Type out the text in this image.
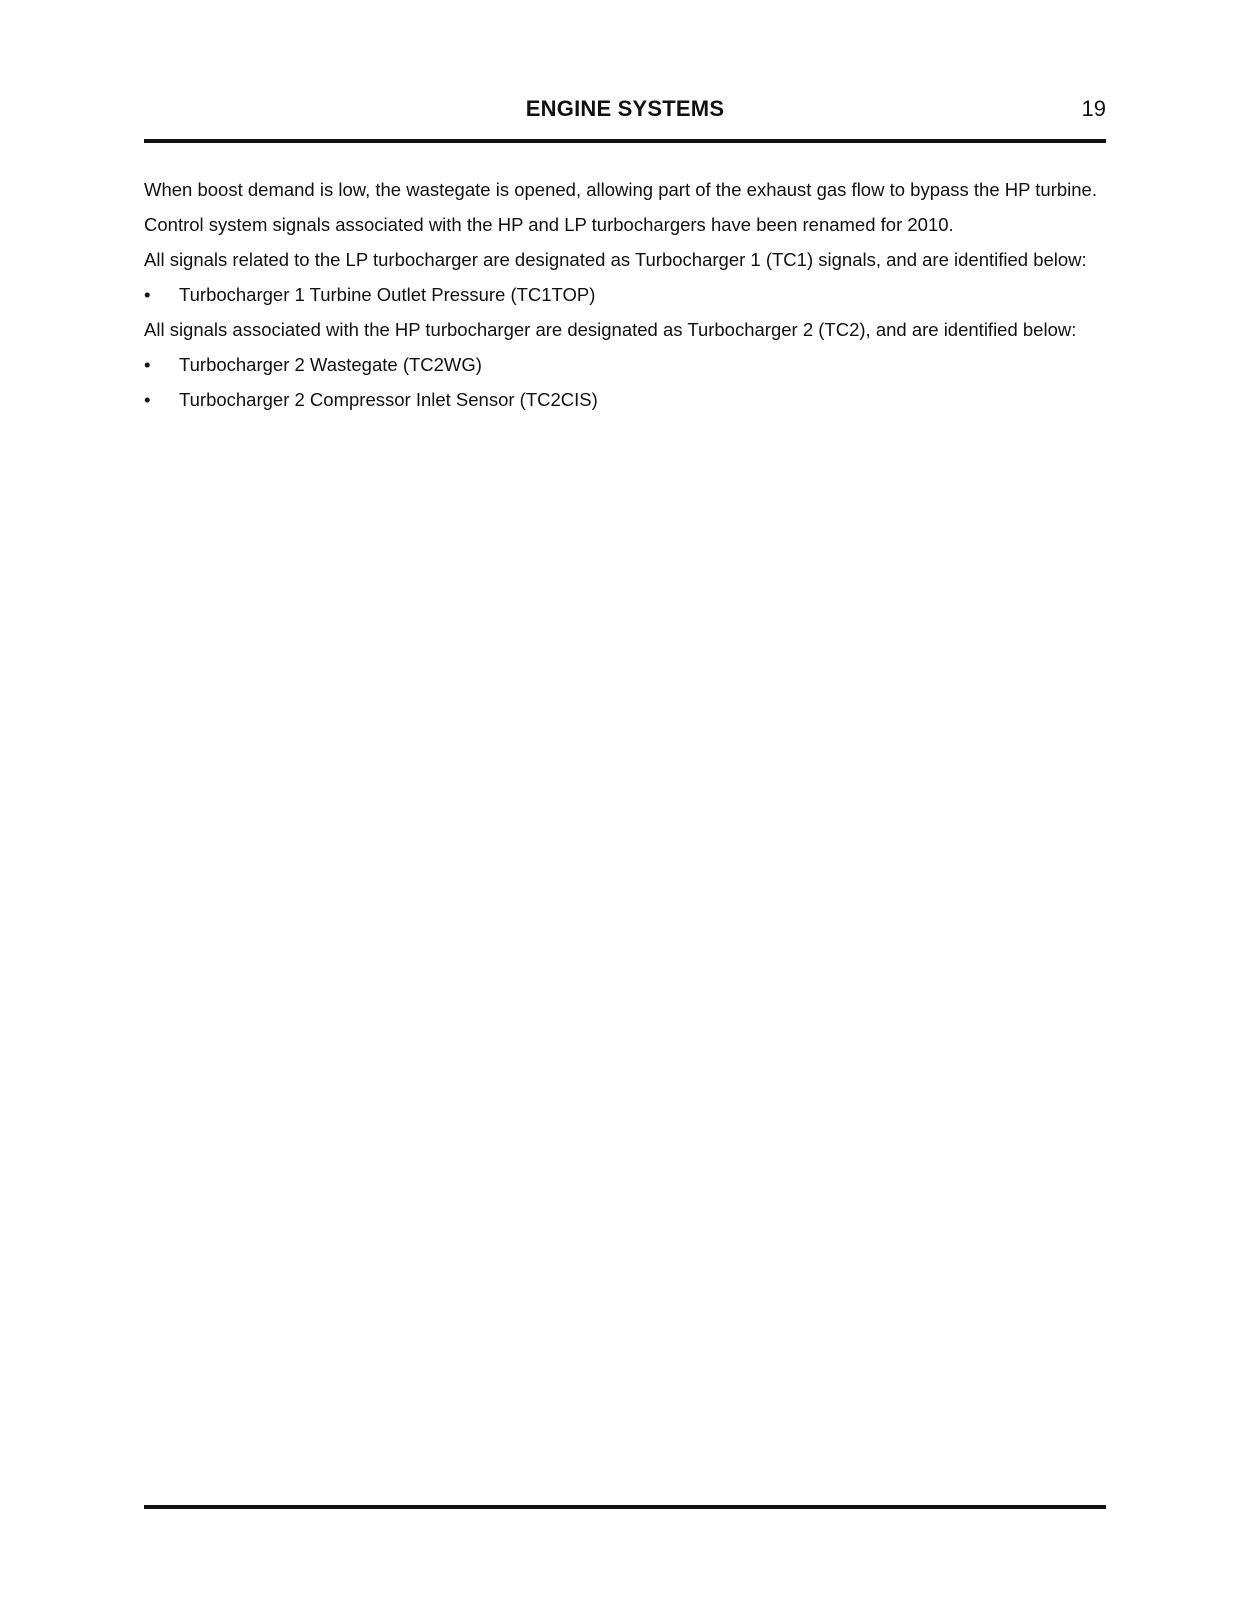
ENGINE SYSTEMS	19

When boost demand is low, the wastegate is opened, allowing part of the exhaust gas flow to bypass the HP turbine.

Control system signals associated with the HP and LP turbochargers have been renamed for 2010.

All signals related to the LP turbocharger are designated as Turbocharger 1 (TC1) signals, and are identified below:

• Turbocharger 1 Turbine Outlet Pressure (TC1TOP)

All signals associated with the HP turbocharger are designated as Turbocharger 2 (TC2), and are identified below:

• Turbocharger 2 Wastegate (TC2WG)
• Turbocharger 2 Compressor Inlet Sensor (TC2CIS)
